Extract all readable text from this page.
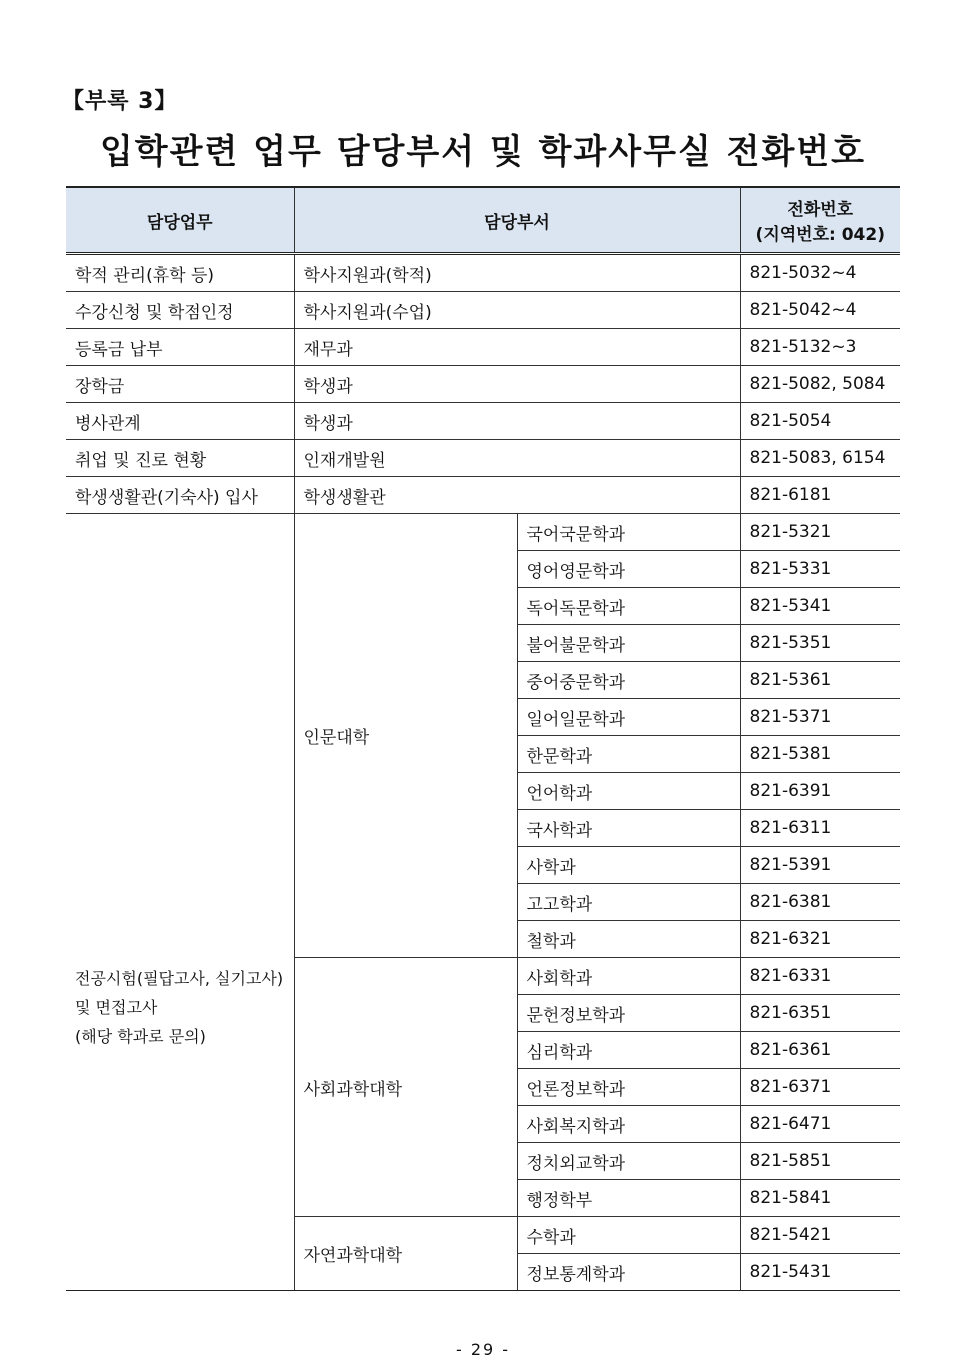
【부록 3】
입학관련 업무 담당부서 및 학과사무실 전화번호
담당업무	담당부서		전화번호
(지역번호: 042)

학적 관리(휴학 등)	학사지원과(학적)		821-5032~4
수강신청 및 학점인정	학사지원과(수업)		821-5042~4
등록금 납부	재무과		821-5132~3
장학금	학생과		821-5082, 5084
병사관계	학생과		821-5054
취업 및 진로 현황	인재개발원		821-5083, 6154
학생생활관(기숙사) 입사	학생생활관		821-6181

전공시험(필답고사, 실기고사)
및 면접고사
(해당 학과로 문의)	인문대학	국어국문학과	821-5321
		영어영문학과	821-5331
		독어독문학과	821-5341
		불어불문학과	821-5351
		중어중문학과	821-5361
		일어일문학과	821-5371
		한문학과	821-5381
		언어학과	821-6391
		국사학과	821-6311
		사학과	821-5391
		고고학과	821-6381
		철학과	821-6321
	사회과학대학	사회학과	821-6331
		문헌정보학과	821-6351
		심리학과	821-6361
		언론정보학과	821-6371
		사회복지학과	821-6471
		정치외교학과	821-5851
		행정학부	821-5841
	자연과학대학	수학과	821-5421
		정보통계학과	821-5431
- 29 -
